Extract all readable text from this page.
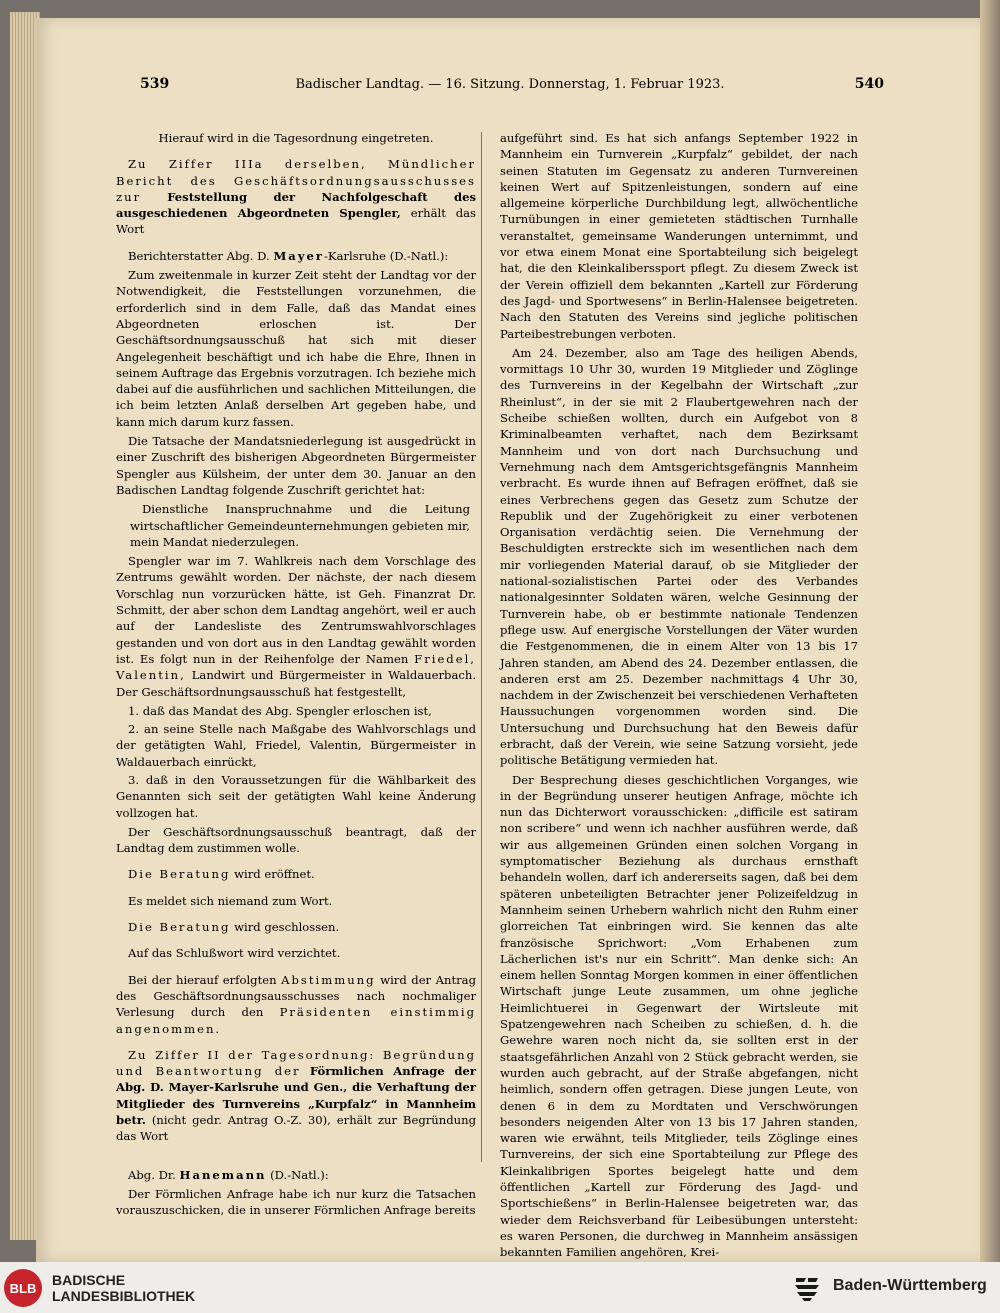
539	Badischer Landtag. — 16. Sitzung. Donnerstag, 1. Februar 1923.	540

Hierauf wird in die Tagesordnung eingetreten.

Zu Ziffer IIIa derselben, Mündlicher Bericht des Geschäftsordnungsausschusses zur Feststellung der Nachfolgeschaft des ausgeschiedenen Abgeordneten Spengler, erhält das Wort

Berichterstatter Abg. D. Mayer-Karlsruhe (D.-Natl.):

Zum zweitenmale in kurzer Zeit steht der Landtag vor der Notwendigkeit, die Feststellungen vorzunehmen, die erforderlich sind in dem Falle, daß das Mandat eines Abgeordneten erloschen ist. Der Geschäftsordnungsausschuß hat sich mit dieser Angelegenheit beschäftigt und ich habe die Ehre, Ihnen in seinem Auftrage das Ergebnis vorzutragen. Ich beziehe mich dabei auf die ausführlichen und sachlichen Mitteilungen, die ich beim letzten Anlaß derselben Art gegeben habe, und kann mich darum kurz fassen.

Die Tatsache der Mandatsniederlegung ist ausgedrückt in einer Zuschrift des bisherigen Abgeordneten Bürgermeister Spengler aus Külsheim, der unter dem 30. Januar an den Badischen Landtag folgende Zuschrift gerichtet hat:

Dienstliche Inanspruchnahme und die Leitung wirtschaftlicher Gemeindeunternehmungen gebieten mir, mein Mandat niederzulegen.

Spengler war im 7. Wahlkreis nach dem Vorschlage des Zentrums gewählt worden. Der nächste, der nach diesem Vorschlag nun vorzurücken hätte, ist Geh. Finanzrat Dr. Schmitt, der aber schon dem Landtag angehört, weil er auch auf der Landesliste des Zentrumswahlvorschlages gestanden und von dort aus in den Landtag gewählt worden ist. Es folgt nun in der Reihenfolge der Namen Friedel, Valentin, Landwirt und Bürgermeister in Waldauerbach. Der Geschäftsordnungsausschuß hat festgestellt,

1. daß das Mandat des Abg. Spengler erloschen ist,
2. an seine Stelle nach Maßgabe des Wahlvorschlags und der getätigten Wahl, Friedel, Valentin, Bürgermeister in Waldauerbach einrückt,
3. daß in den Voraussetzungen für die Wählbarkeit des Genannten sich seit der getätigten Wahl keine Änderung vollzogen hat.

Der Geschäftsordnungsausschuß beantragt, daß der Landtag dem zustimmen wolle.

Die Beratung wird eröffnet.

Es meldet sich niemand zum Wort.

Die Beratung wird geschlossen.

Auf das Schlußwort wird verzichtet.

Bei der hierauf erfolgten Abstimmung wird der Antrag des Geschäftsordnungsausschusses nach nochmaliger Verlesung durch den Präsidenten einstimmig angenommen.

Zu Ziffer II der Tagesordnung: Begründung und Beantwortung der Förmlichen Anfrage der Abg. D. Mayer-Karlsruhe und Gen., die Verhaftung der Mitglieder des Turnvereins „Kurpfalz“ in Mannheim betr. (nicht gedr. Antrag O.-Z. 30), erhält zur Begründung das Wort

Abg. Dr. Hanemann (D.-Natl.):

Der Förmlichen Anfrage habe ich nur kurz die Tatsachen vorauszuschicken, die in unserer Förmlichen Anfrage bereits

aufgeführt sind. Es hat sich anfangs September 1922 in Mannheim ein Turnverein „Kurpfalz“ gebildet, der nach seinen Statuten im Gegensatz zu anderen Turnvereinen keinen Wert auf Spitzenleistungen, sondern auf eine allgemeine körperliche Durchbildung legt, allwöchentliche Turnübungen in einer gemieteten städtischen Turnhalle veranstaltet, gemeinsame Wanderungen unternimmt, und vor etwa einem Monat eine Sportabteilung sich beigelegt hat, die den Kleinkaliberssport pflegt. Zu diesem Zweck ist der Verein offiziell dem bekannten „Kartell zur Förderung des Jagd- und Sportwesens“ in Berlin-Halensee beigetreten. Nach den Statuten des Vereins sind jegliche politischen Parteibestrebungen verboten.

Am 24. Dezember, also am Tage des heiligen Abends, vormittags 10 Uhr 30, wurden 19 Mitglieder und Zöglinge des Turnvereins in der Kegelbahn der Wirtschaft „zur Rheinlust“, in der sie mit 2 Flaubertgewehren nach der Scheibe schießen wollten, durch ein Aufgebot von 8 Kriminalbeamten verhaftet, nach dem Bezirksamt Mannheim und von dort nach Durchsuchung und Vernehmung nach dem Amtsgerichtsgefängnis Mannheim verbracht. Es wurde ihnen auf Befragen eröffnet, daß sie eines Verbrechens gegen das Gesetz zum Schutze der Republik und der Zugehörigkeit zu einer verbotenen Organisation verdächtig seien. Die Vernehmung der Beschuldigten erstreckte sich im wesentlichen nach dem mir vorliegenden Material darauf, ob sie Mitglieder der national-sozialistischen Partei oder des Verbandes nationalgesinnter Soldaten wären, welche Gesinnung der Turnverein habe, ob er bestimmte nationale Tendenzen pflege usw. Auf energische Vorstellungen der Väter wurden die Festgenommenen, die in einem Alter von 13 bis 17 Jahren standen, am Abend des 24. Dezember entlassen, die anderen erst am 25. Dezember nachmittags 4 Uhr 30, nachdem in der Zwischenzeit bei verschiedenen Verhafteten Haussuchungen vorgenommen worden sind. Die Untersuchung und Durchsuchung hat den Beweis dafür erbracht, daß der Verein, wie seine Satzung vorsieht, jede politische Betätigung vermieden hat.

Der Besprechung dieses geschichtlichen Vorganges, wie in der Begründung unserer heutigen Anfrage, möchte ich nun das Dichterwort vorausschicken: „difficile est satiram non scribere“ und wenn ich nachher ausführen werde, daß wir aus allgemeinen Gründen einen solchen Vorgang in symptomatischer Beziehung als durchaus ernsthaft behandeln wollen, darf ich andererseits sagen, daß bei dem späteren unbeteiligten Betrachter jener Polizeifeldzug in Mannheim seinen Urhebern wahrlich nicht den Ruhm einer glorreichen Tat einbringen wird. Sie kennen das alte französische Sprichwort: „Vom Erhabenen zum Lächerlichen ist's nur ein Schritt“. Man denke sich: An einem hellen Sonntag Morgen kommen in einer öffentlichen Wirtschaft junge Leute zusammen, um ohne jegliche Heimlichtuerei in Gegenwart der Wirtsleute mit Spatzengewehren nach Scheiben zu schießen, d. h. die Gewehre waren noch nicht da, sie sollten erst in der staatsgefährlichen Anzahl von 2 Stück gebracht werden, sie wurden auch gebracht, auf der Straße abgefangen, nicht heimlich, sondern offen getragen. Diese jungen Leute, von denen 6 in dem zu Mordtaten und Verschwörungen besonders neigenden Alter von 13 bis 17 Jahren standen, waren wie erwähnt, teils Mitglieder, teils Zöglinge eines Turnvereins, der sich eine Sportabteilung zur Pflege des Kleinkalibrigen Sportes beigelegt hatte und dem öffentlichen „Kartell zur Förderung des Jagd- und Sportschießens“ in Berlin-Halensee beigetreten war, das wieder dem Reichsverband für Leibesübungen untersteht: es waren Personen, die durchweg in Mannheim ansässigen bekannten Familien angehören, Krei-

BLB	BADISCHE
LANDESBIBLIOTHEK
Baden-Württemberg
